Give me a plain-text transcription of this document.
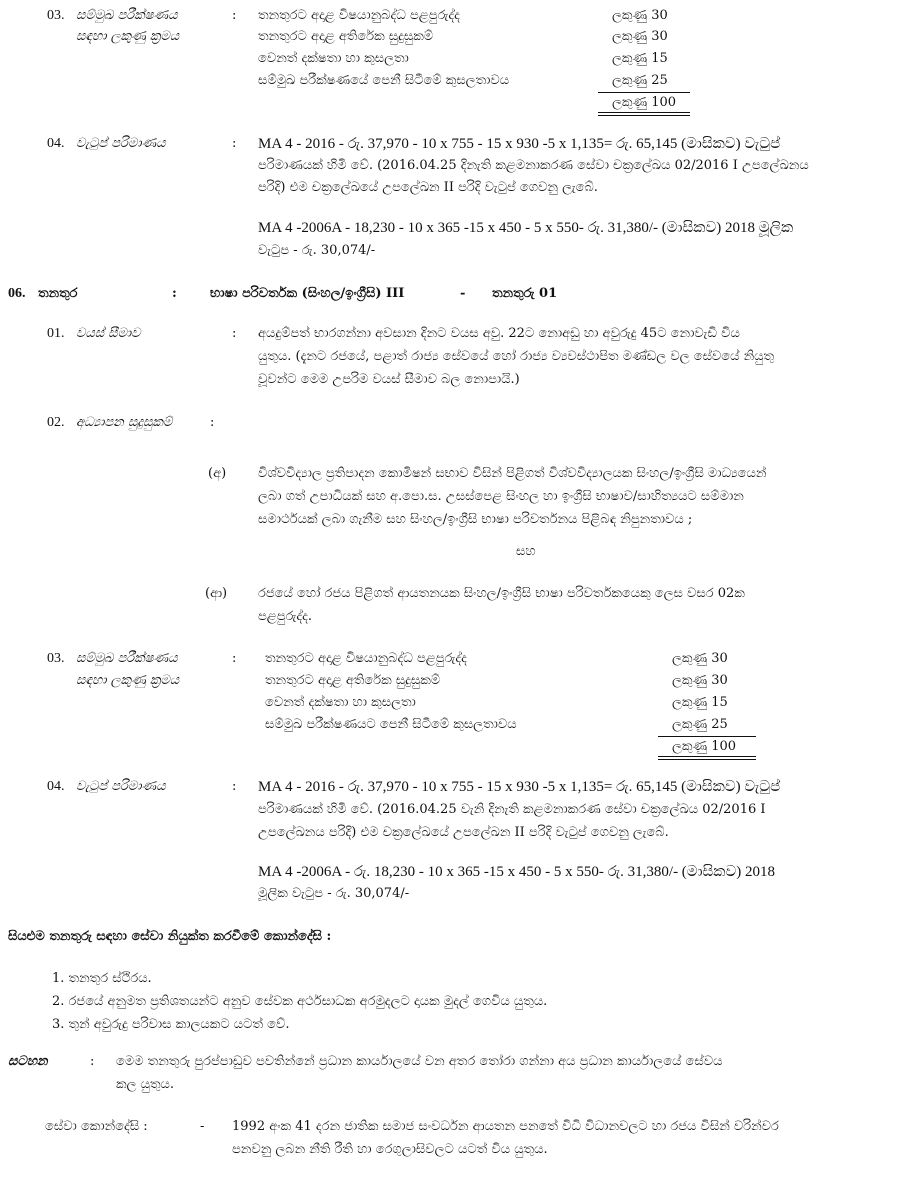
03. සම්මුඛ පරීක්ෂණය
සඳහා ලකුණු ක්‍රමය
: තනතුරට අදාළ විෂයානුබද්ධ පළපුරුද්ද	ලකුණු 30
තනතුරට අදාළ අතිරේක සුදුසුකම්	ලකුණු 30
වෙනත් දක්ෂතා හා කුසලතා	ලකුණු 15
සම්මුඛ පරීක්ෂණයේ පෙනී සිටීමේ කුසලතාවය	ලකුණු 25
ලකුණු 100
04. වැටුප් පරිමාණය	: MA 4 - 2016 - රු. 37,970 - 10 x 755 - 15 x 930 -5 x 1,135= රු. 65,145 (මාසිකව) වැටුප්
පරිමාණයක් හිමි වේ. (2016.04.25 දිනැති කළමනාකරණ සේවා චක්‍රලේඛය 02/2016 I උපලේඛනය
පරිදි) එම චක්‍රලේඛයේ උපලේඛන II පරිදි වැටුප් ගෙවනු ලැබේ.
MA 4 -2006A - 18,230 - 10 x 365 -15 x 450 - 5 x 550- රු. 31,380/- (මාසිකව) 2018 මූලික
වැටුප - රු. 30,074/-
06. තනතුර	:	භාෂා පරිවර්තක (සිංහල/ඉංග්‍රීසි) III	- තනතුරු 01
01. වයස් සීමාව	: අයදුම්පත් භාරගන්නා අවසාන දිනට වයස අවු. 22ට නොඅඩු හා අවුරුදු 45ට නොවැඩි විය
යුතුය. (දැනට රජයේ, පළාත් රාජ්‍ය සේවයේ හෝ රාජ්‍ය ව්‍යවස්ථාපිත මණ්ඩල වල සේවයේ නියුතු
වූවන්ට මෙම උපරිම වයස් සීමාව බල නොපායි.)
02. අධ්‍යාපන සුදුසුකම්	:
(අ) විශ්වවිද්‍යාල ප්‍රතිපාදන කොමිෂන් සභාව විසින් පිළිගත් විශ්වවිද්‍යාලයක සිංහල/ඉංග්‍රීසි මාධ්‍යයෙන්
ලබා ගත් උපාධියක් සහ අ.පො.ස. උසස්පෙළ සිංහල හා ඉංග්‍රීසි භාෂාව/සාහිත්‍යයට සම්මාන
සමාර්ථයක් ලබා ගැනීම සහ සිංහල/ඉංග්‍රීසි භාෂා පරිවර්තනය පිළිබඳ නිපුනතාවය ;
සහ
(ආ) රජයේ හෝ රජය පිළිගත් ආයතනයක සිංහල/ඉංග්‍රීසි භාෂා පරිවර්තකයෙකු ලෙස වසර 02ක
පළපුරුද්ද.
03. සම්මුඛ පරීක්ෂණය
සඳහා ලකුණු ක්‍රමය
: තනතුරට අදාළ විෂයානුබද්ධ පළපුරුද්ද	ලකුණු 30
තනතුරට අදාළ අතිරේක සුදුසුකම්	ලකුණු 30
වෙනත් දක්ෂතා හා කුසලතා	ලකුණු 15
සම්මුඛ පරීක්ෂණයට පෙනී සිටීමේ කුසලතාවය	ලකුණු 25
ලකුණු 100
04. වැටුප් පරිමාණය	: MA 4 - 2016 - රු. 37,970 - 10 x 755 - 15 x 930 -5 x 1,135= රු. 65,145 (මාසිකව) වැටුප්
පරිමාණයක් හිමි වේ. (2016.04.25 වැනි දිනැති කළමනාකරණ සේවා චක්‍රලේඛය 02/2016 I
උපලේඛනය පරිදි) එම චක්‍රලේඛයේ උපලේඛන II පරිදි වැටුප් ගෙවනු ලැබේ.
MA 4 -2006A - රු. 18,230 - 10 x 365 -15 x 450 - 5 x 550- රු. 31,380/- (මාසිකව) 2018
මූලික වැටුප - රු. 30,074/-
සියළුම තනතුරු සඳහා සේවා නියුක්ත කරවීමේ කොන්දේසි :
1. තනතුර ස්ථිරය.
2. රජයේ අනුමත ප්‍රතිශතයන්ට අනුව සේවක අර්ථසාධක අරමුදලට දායක මුදල් ගෙවිය යුතුය.
3. තුන් අවුරුදු පරිවාස කාලයකට යටත් වේ.
සටහන	: මෙම තනතුරු පුරප්පාඩුව පවතින්නේ ප්‍රධාන කාර්යාලයේ වන අතර තෝරා ගන්නා අය ප්‍රධාන කාර්යාලයේ සේවය
කල යුතුය.
සේවා කොන්දේසි :	- 1992 අංක 41 දරන ජාතික සමාජ සංවර්ධන ආයතන පනතේ විධි විධානවලට හා රජය විසින් වරින්වර
පනවනු ලබන නීති රීති හා රෙගුලාසිවලට යටත් විය යුතුය.
